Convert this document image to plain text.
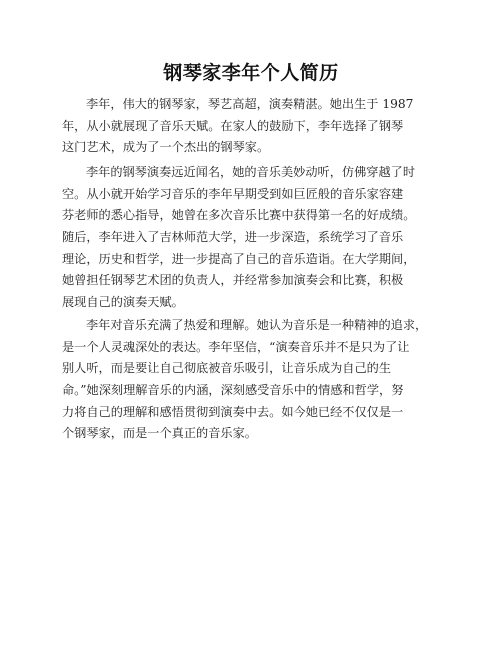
钢琴家李年个人简历
李年，伟大的钢琴家，琴艺高超，演奏精湛。她出生于 1987
年，从小就展现了音乐天赋。在家人的鼓励下，李年选择了钢琴
这门艺术，成为了一个杰出的钢琴家。
李年的钢琴演奏远近闻名，她的音乐美妙动听，仿佛穿越了时
空。从小就开始学习音乐的李年早期受到如巨匠般的音乐家容建
芬老师的悉心指导，她曾在多次音乐比赛中获得第一名的好成绩。
随后，李年进入了吉林师范大学，进一步深造，系统学习了音乐
理论，历史和哲学，进一步提高了自己的音乐造诣。在大学期间，
她曾担任钢琴艺术团的负责人，并经常参加演奏会和比赛，积极
展现自己的演奏天赋。
李年对音乐充满了热爱和理解。她认为音乐是一种精神的追求，
是一个人灵魂深处的表达。李年坚信，“演奏音乐并不是只为了让
别人听，而是要让自己彻底被音乐吸引，让音乐成为自己的生
命。”她深刻理解音乐的内涵，深刻感受音乐中的情感和哲学，努
力将自己的理解和感悟贯彻到演奏中去。如今她已经不仅仅是一
个钢琴家，而是一个真正的音乐家。
